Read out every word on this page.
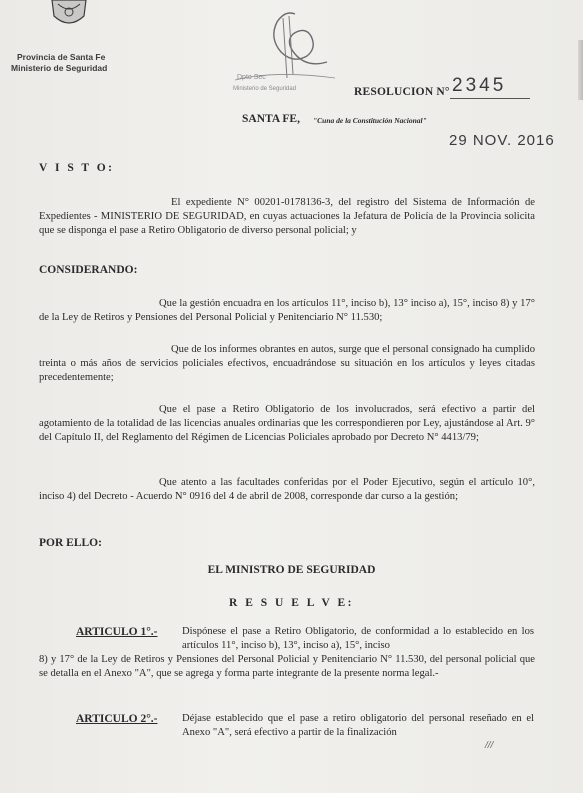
Provincia de Santa Fe
Ministerio de Seguridad
Dpto Sec
Ministerio de Seguridad	RESOLUCION N° 2345
SANTA FE, "Cuna de la Constitución Nacional"
29 NOV. 2016
V I S T O:
El expediente N° 00201-0178136-3, del registro del Sistema de Información de Expedientes - MINISTERIO DE SEGURIDAD, en cuyas actuaciones la Jefatura de Policía de la Provincia solicita que se disponga el pase a Retiro Obligatorio de diverso personal policial; y
CONSIDERANDO:
Que la gestión encuadra en los artículos 11°, inciso b), 13° inciso a), 15°, inciso 8) y 17° de la Ley de Retiros y Pensiones del Personal Policial y Penitenciario N° 11.530;
Que de los informes obrantes en autos, surge que el personal consignado ha cumplido treinta o más años de servicios policiales efectivos, encuadrándose su situación en los artículos y leyes citadas precedentemente;
Que el pase a Retiro Obligatorio de los involucrados, será efectivo a partir del agotamiento de la totalidad de las licencias anuales ordinarias que les correspondieren por Ley, ajustándose al Art. 9° del Capítulo II, del Reglamento del Régimen de Licencias Policiales aprobado por Decreto N° 4413/79;
Que atento a las facultades conferidas por el Poder Ejecutivo, según el artículo 10°, inciso 4) del Decreto - Acuerdo N° 0916 del 4 de abril de 2008, corresponde dar curso a la gestión;
POR ELLO:
EL MINISTRO DE SEGURIDAD
R E S U E L V E:
ARTICULO 1°.-	Dispónese el pase a Retiro Obligatorio, de conformidad a lo establecido en los artículos 11°, inciso b), 13°, inciso a), 15°, inciso
8) y 17° de la Ley de Retiros y Pensiones del Personal Policial y Penitenciario N° 11.530, del personal policial que se detalla en el Anexo "A", que se agrega y forma parte integrante de la presente norma legal.-
ARTICULO 2°.-	Déjase establecido que el pase a retiro obligatorio del personal reseñado en el Anexo "A", será efectivo a partir de la finalización
///
